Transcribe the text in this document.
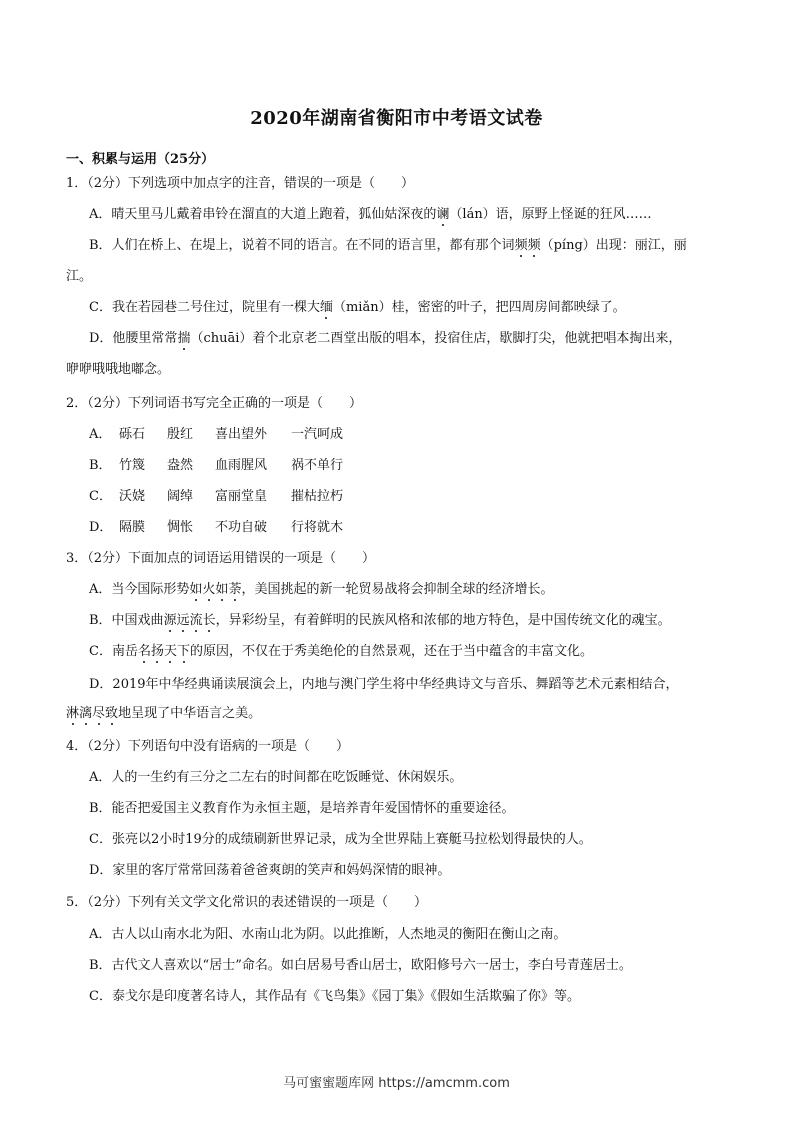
2020年湖南省衡阳市中考语文试卷
一、积累与运用（25分）
1．（2分）下列选项中加点字的注音，错误的一项是（　　）
A．晴天里马儿戴着串铃在溜直的大道上跑着，狐仙姑深夜的谰（lán）语，原野上怪诞的狂风……
B．人们在桥上、在堤上，说着不同的语言。在不同的语言里，都有那个词频频（píng）出现：丽江，丽
江。
C．我在若园巷二号住过，院里有一棵大缅（miǎn）桂，密密的叶子，把四周房间都映绿了。
D．他腰里常常揣（chuāi）着个北京老二酉堂出版的唱本，投宿住店，歇脚打尖，他就把唱本掏出来，
咿咿哦哦地嘟念。
2．（2分）下列词语书写完全正确的一项是（　　）
A． 砾石 殷红 喜出望外 一汽呵成
B． 竹篾 盎然 血雨腥风 祸不单行
C． 沃娆 阔绰 富丽堂皇 摧枯拉朽
D． 隔膜 惆怅 不功自破 行将就木
3．（2分）下面加点的词语运用错误的一项是（　　）
A．当今国际形势如火如荼，美国挑起的新一轮贸易战将会抑制全球的经济增长。
B．中国戏曲源远流长，异彩纷呈，有着鲜明的民族风格和浓郁的地方特色，是中国传统文化的魂宝。
C．南岳名扬天下的原因，不仅在于秀美绝伦的自然景观，还在于当中蕴含的丰富文化。
D．2019年中华经典诵读展演会上，内地与澳门学生将中华经典诗文与音乐、舞蹈等艺术元素相结合，
淋漓尽致地呈现了中华语言之美。
4．（2分）下列语句中没有语病的一项是（　　）
A．人的一生约有三分之二左右的时间都在吃饭睡觉、休闲娱乐。
B．能否把爱国主义教育作为永恒主题，是培养青年爱国情怀的重要途径。
C．张亮以2小时19分的成绩刷新世界记录，成为全世界陆上赛艇马拉松划得最快的人。
D．家里的客厅常常回荡着爸爸爽朗的笑声和妈妈深情的眼神。
5．（2分）下列有关文学文化常识的表述错误的一项是（　　）
A．古人以山南水北为阳、水南山北为阴。以此推断，人杰地灵的衡阳在衡山之南。
B．古代文人喜欢以“居士”命名。如白居易号香山居士，欧阳修号六一居士，李白号青莲居士。
C．泰戈尔是印度著名诗人，其作品有《飞鸟集》《园丁集》《假如生活欺骗了你》等。
马可蜜蜜题库网 https://amcmm.com
